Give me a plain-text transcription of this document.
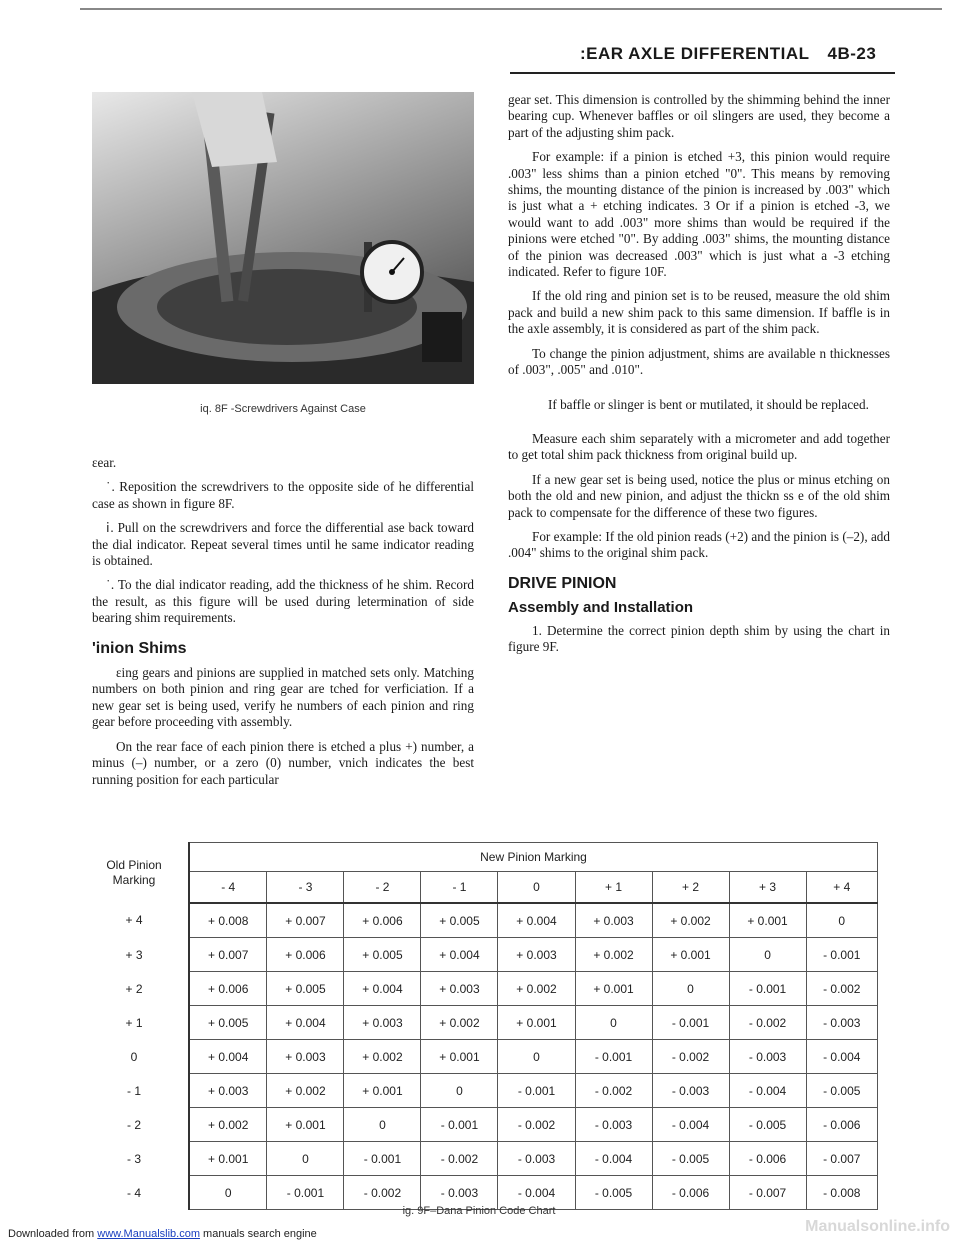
:EAR AXLE DIFFERENTIAL 4B-23
iq. 8F -Screwdrivers Against Case

ɛear.

˙. Reposition the screwdrivers to the opposite side of he differential case as shown in figure 8F.

ⅰ. Pull on the screwdrivers and force the differential ase back toward the dial indicator. Repeat several times until he same indicator reading is obtained.

˙. To the dial indicator reading, add the thickness of he shim. Record the result, as this figure will be used during letermination of side bearing shim requirements.

'inion Shims

ɛing gears and pinions are supplied in matched sets only. Matching numbers on both pinion and ring gear are tched for verficiation. If a new gear set is being used, verify he numbers of each pinion and ring gear before proceeding vith assembly.

On the rear face of each pinion there is etched a plus +) number, a minus (–) number, or a zero (0) number, vnich indicates the best running position for each particular

gear set. This dimension is controlled by the shimming behind the inner bearing cup. Whenever baffles or oil slingers are used, they become a part of the adjusting shim pack.

For example: if a pinion is etched +3, this pinion would require .003" less shims than a pinion etched "0". This means by removing shims, the mounting distance of the pinion is increased by .003" which is just what a + etching indicates. 3 Or if a pinion is etched -3, we would want to add .003" more shims than would be required if the pinions were etched "0". By adding .003" shims, the mounting distance of the pinion was decreased .003" which is just what a -3 etching indicated. Refer to figure 10F.

If the old ring and pinion set is to be reused, measure the old shim pack and build a new shim pack to this same dimension. If baffle is in the axle assembly, it is considered as part of the shim pack.

To change the pinion adjustment, shims are available n thicknesses of .003", .005" and .010".

If baffle or slinger is bent or mutilated, it should be replaced.

Measure each shim separately with a micrometer and add together to get total shim pack thickness from original build up.

If a new gear set is being used, notice the plus or minus etching on both the old and new pinion, and adjust the thickn ss e of the old shim pack to compensate for the difference of these two figures.

For example: If the old pinion reads (+2) and the pinion is (–2), add .004" shims to the original shim pack.

DRIVE PINION
Assembly and Installation

1. Determine the correct pinion depth shim by using the chart in figure 9F.

Old Pinion
Marking	New Pinion Marking								
	- 4	- 3	- 2	- 1	0	+ 1	+ 2	+ 3	+ 4
+ 4	+ 0.008	+ 0.007	+ 0.006	+ 0.005	+ 0.004	+ 0.003	+ 0.002	+ 0.001	0
+ 3	+ 0.007	+ 0.006	+ 0.005	+ 0.004	+ 0.003	+ 0.002	+ 0.001	0	- 0.001
+ 2	+ 0.006	+ 0.005	+ 0.004	+ 0.003	+ 0.002	+ 0.001	0	- 0.001	- 0.002
+ 1	+ 0.005	+ 0.004	+ 0.003	+ 0.002	+ 0.001	0	- 0.001	- 0.002	- 0.003
0	+ 0.004	+ 0.003	+ 0.002	+ 0.001	0	- 0.001	- 0.002	- 0.003	- 0.004
- 1	+ 0.003	+ 0.002	+ 0.001	0	- 0.001	- 0.002	- 0.003	- 0.004	- 0.005
- 2	+ 0.002	+ 0.001	0	- 0.001	- 0.002	- 0.003	- 0.004	- 0.005	- 0.006
- 3	+ 0.001	0	- 0.001	- 0.002	- 0.003	- 0.004	- 0.005	- 0.006	- 0.007
- 4	0	- 0.001	- 0.002	- 0.003	- 0.004	- 0.005	- 0.006	- 0.007	- 0.008
ig. 9F–Dana Pinion Code Chart
Downloaded from www.Manualslib.com manuals search engine	Manualsonline.info
